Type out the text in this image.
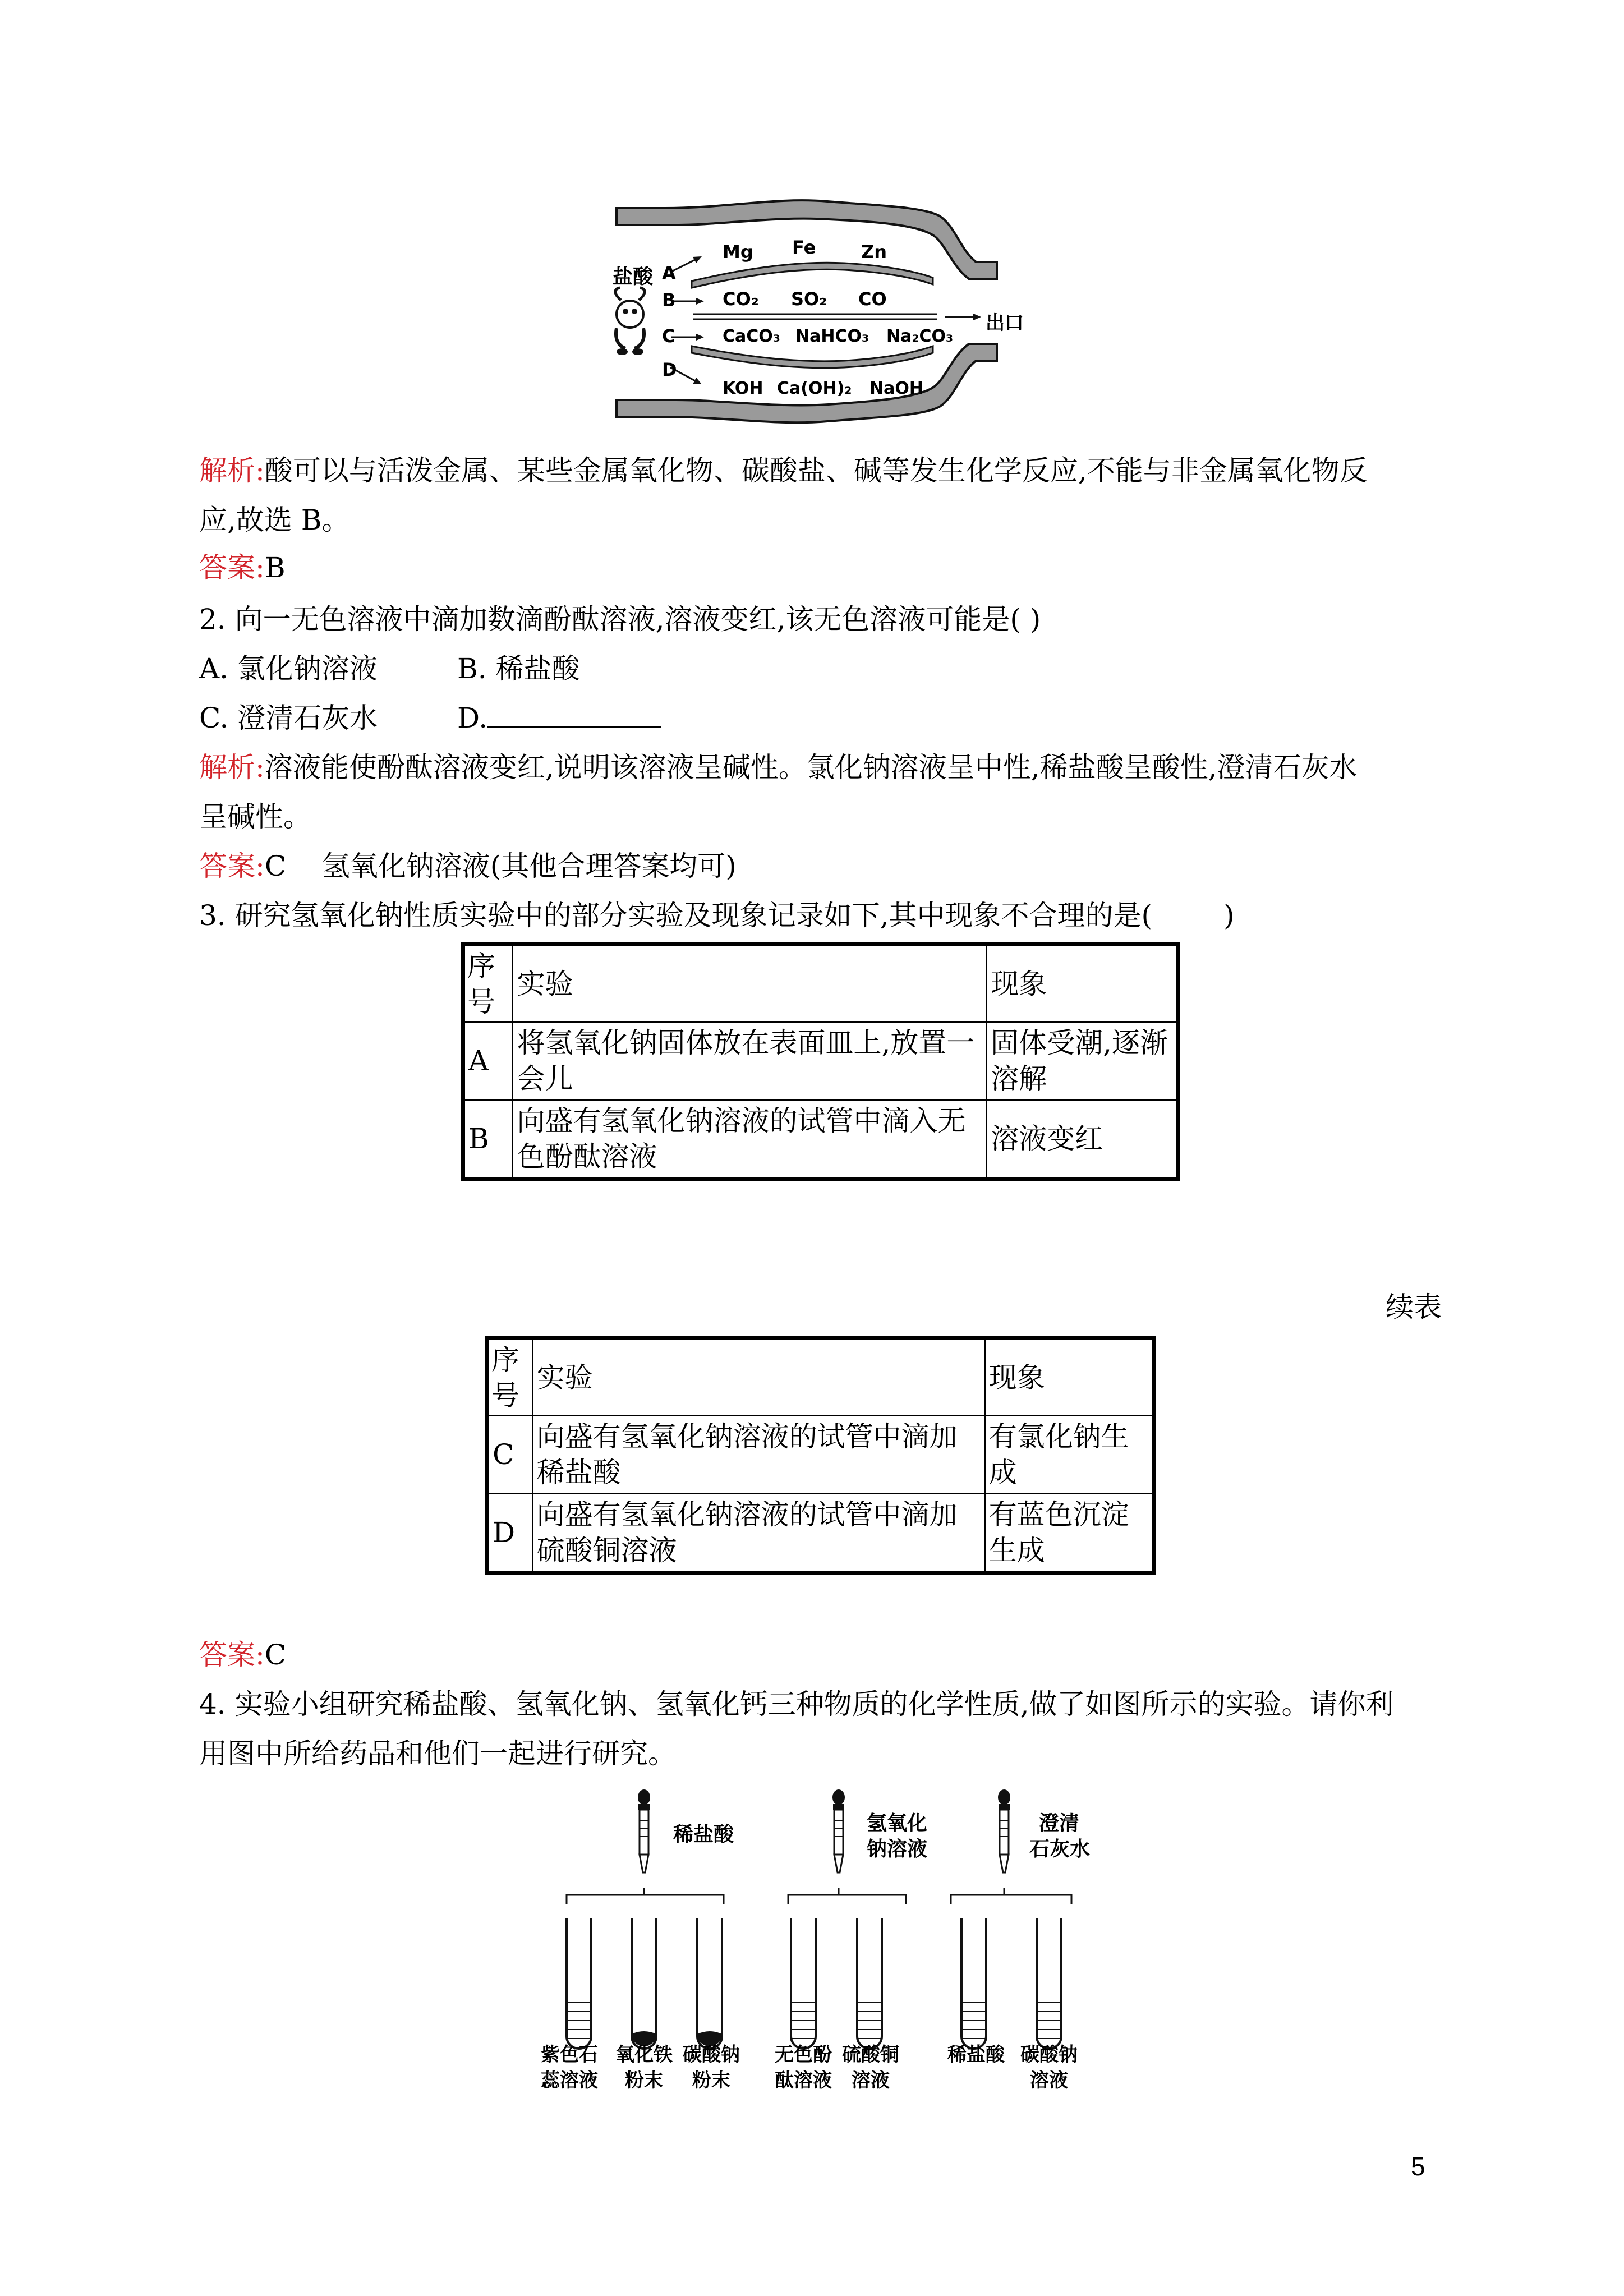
盐酸 A
B
C
D
Mg Fe	Zn
CO₂ SO₂ CO
CaCO₃ NaHCO₃ Na₂CO₃
KOH Ca(OH)₂ NaOH
出口
解析:酸可以与活泼金属、某些金属氧化物、碳酸盐、碱等发生化学反应,不能与非金属氧化物反
应,故选 B。
答案:B
2. 向一无色溶液中滴加数滴酚酞溶液,溶液变红,该无色溶液可能是( )
A. 氯化钠溶液	B. 稀盐酸
C. 澄清石灰水	D.
解析:溶液能使酚酞溶液变红,说明该溶液呈碱性。氯化钠溶液呈中性,稀盐酸呈酸性,澄清石灰水
呈碱性。
答案:C    氢氧化钠溶液(其他合理答案均可)
3. 研究氢氧化钠性质实验中的部分实验及现象记录如下,其中现象不合理的是(        )
序号	实验	现象
A	将氢氧化钠固体放在表面皿上,放置一会儿	固体受潮,逐渐溶解
B	向盛有氢氧化钠溶液的试管中滴入无色酚酞溶液	溶液变红
续表
序号	实验	现象
C	向盛有氢氧化钠溶液的试管中滴加稀盐酸	有氯化钠生成
D	向盛有氢氧化钠溶液的试管中滴加硫酸铜溶液	有蓝色沉淀生成
答案:C
4. 实验小组研究稀盐酸、氢氧化钠、氢氧化钙三种物质的化学性质,做了如图所示的实验。请你利
用图中所给药品和他们一起进行研究。
稀盐酸	氢氧化
钠溶液
澄清
石灰水
紫色石
蕊溶液
氧化铁
粉末
碳酸钠
粉末
无色酚
酞溶液
硫酸铜
溶液
稀盐酸 碳酸钠
溶液
5
